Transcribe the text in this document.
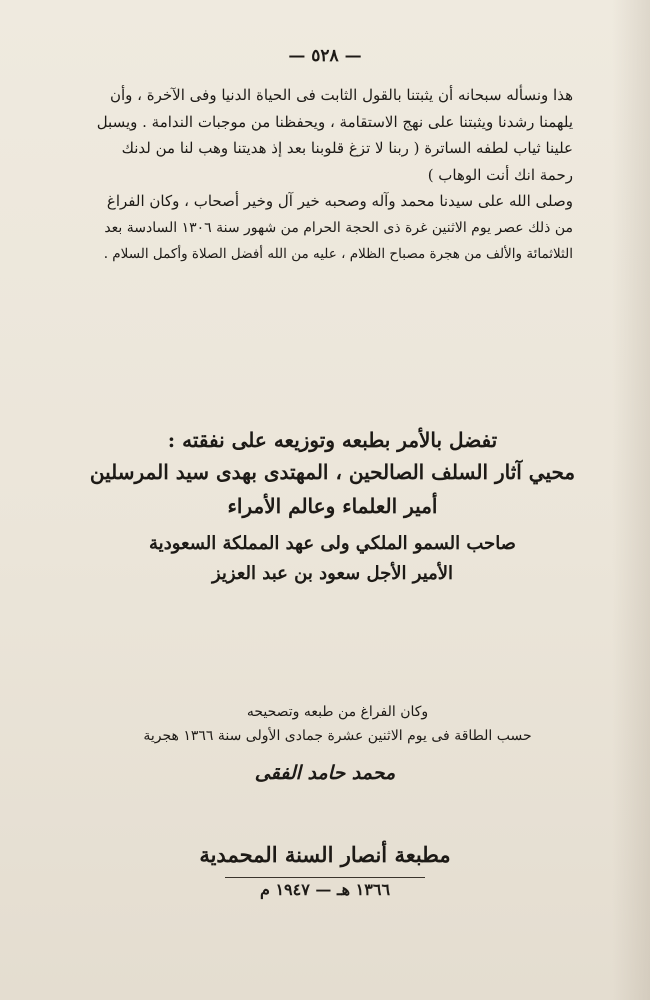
— ٥٢٨ —
هذا ونسأله سبحانه أن يثبتنا بالقول الثابت فى الحياة الدنيا وفى الآخرة ، وأن
يلهمنا رشدنا ويثبتنا على نهج الاستقامة ، ويحفظنا من موجبات الندامة . ويسبل
علينا ثياب لطفه الساترة ( ربنا لا تزغ قلوبنا بعد إذ هديتنا وهب لنا من لدنك
رحمة انك أنت الوهاب )
وصلى الله على سيدنا محمد وآله وصحبه خير آل وخير أصحاب ، وكان الفراغ
من ذلك عصر يوم الاثنين غرة ذى الحجة الحرام من شهور سنة ١٣٠٦ السادسة بعد
الثلاثمائة والألف من هجرة مصباح الظلام ، عليه من الله أفضل الصلاة وأكمل السلام .
تفضل بالأمر بطبعه وتوزيعه على نفقته :
محيي آثار السلف الصالحين ، المهتدى بهدى سيد المرسلين
أمير العلماء وعالم الأمراء
صاحب السمو الملكي ولى عهد المملكة السعودية
الأمير الأجل سعود بن عبد العزيز
وكان الفراغ من طبعه وتصحيحه
حسب الطاقة فى يوم الاثنين عشرة جمادى الأولى سنة ١٣٦٦ هجرية
محمد حامد الفقى
مطبعة أنصار السنة المحمدية
١٣٦٦ هـ — ١٩٤٧ م
